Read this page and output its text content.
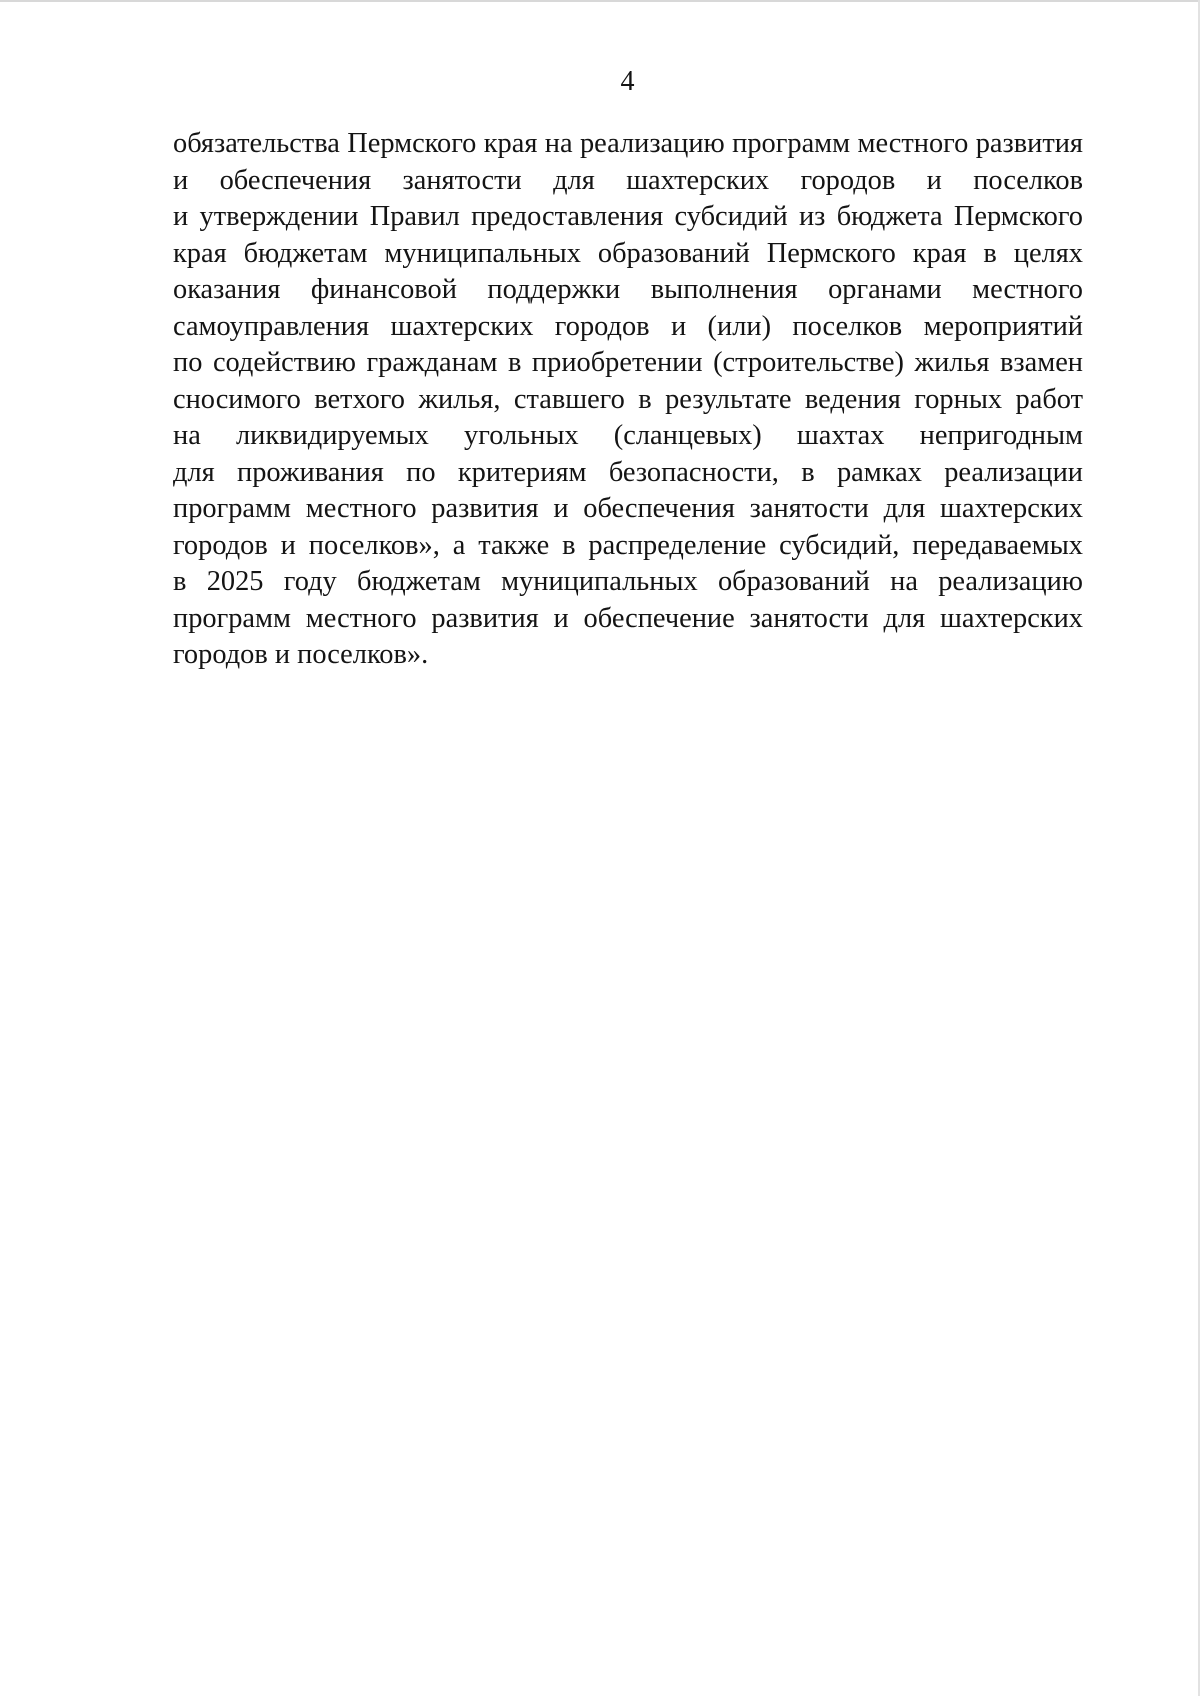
4
обязательства Пермского края на реализацию программ местного развития
и обеспечения занятости для шахтерских городов и поселков
и утверждении Правил предоставления субсидий из бюджета Пермского
края бюджетам муниципальных образований Пермского края в целях
оказания финансовой поддержки выполнения органами местного
самоуправления шахтерских городов и (или) поселков мероприятий
по содействию гражданам в приобретении (строительстве) жилья взамен
сносимого ветхого жилья, ставшего в результате ведения горных работ
на ликвидируемых угольных (сланцевых) шахтах непригодным
для проживания по критериям безопасности, в рамках реализации
программ местного развития и обеспечения занятости для шахтерских
городов и поселков», а также в распределение субсидий, передаваемых
в 2025 году бюджетам муниципальных образований на реализацию
программ местного развития и обеспечение занятости для шахтерских
городов и поселков».
